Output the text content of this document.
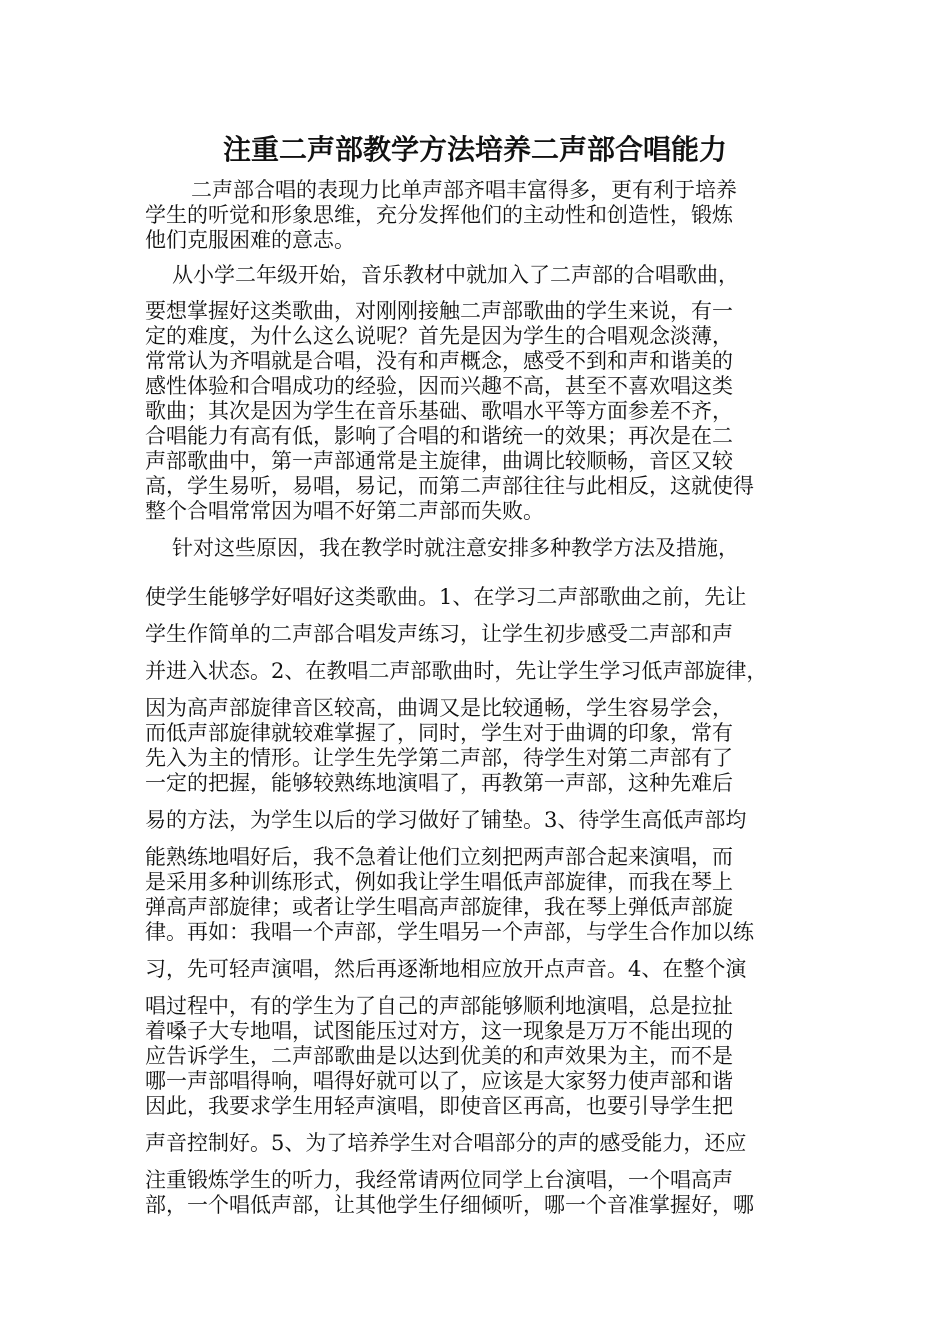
注重二声部教学方法培养二声部合唱能力

二声部合唱的表现力比单声部齐唱丰富得多，更有利于培养

学生的听觉和形象思维，充分发挥他们的主动性和创造性，锻炼

他们克服困难的意志。

从小学二年级开始，音乐教材中就加入了二声部的合唱歌曲，

要想掌握好这类歌曲，对刚刚接触二声部歌曲的学生来说，有一

定的难度，为什么这么说呢？首先是因为学生的合唱观念淡薄，

常常认为齐唱就是合唱，没有和声概念，感受不到和声和谐美的

感性体验和合唱成功的经验，因而兴趣不高，甚至不喜欢唱这类

歌曲；其次是因为学生在音乐基础、歌唱水平等方面参差不齐，

合唱能力有高有低，影响了合唱的和谐统一的效果；再次是在二

声部歌曲中，第一声部通常是主旋律，曲调比较顺畅，音区又较

高，学生易听，易唱，易记，而第二声部往往与此相反，这就使得

整个合唱常常因为唱不好第二声部而失败。

针对这些原因，我在教学时就注意安排多种教学方法及措施，

使学生能够学好唱好这类歌曲。1、在学习二声部歌曲之前，先让

学生作简单的二声部合唱发声练习，让学生初步感受二声部和声

并进入状态。2、在教唱二声部歌曲时，先让学生学习低声部旋律，

因为高声部旋律音区较高，曲调又是比较通畅，学生容易学会，

而低声部旋律就较难掌握了，同时，学生对于曲调的印象，常有

先入为主的情形。让学生先学第二声部，待学生对第二声部有了

一定的把握，能够较熟练地演唱了，再教第一声部，这种先难后

易的方法，为学生以后的学习做好了铺垫。3、待学生高低声部均

能熟练地唱好后，我不急着让他们立刻把两声部合起来演唱，而

是采用多种训练形式，例如我让学生唱低声部旋律，而我在琴上

弹高声部旋律；或者让学生唱高声部旋律，我在琴上弹低声部旋

律。再如：我唱一个声部，学生唱另一个声部，与学生合作加以练

习，先可轻声演唱，然后再逐渐地相应放开点声音。4、在整个演

唱过程中，有的学生为了自己的声部能够顺利地演唱，总是拉扯

着嗓子大专地唱，试图能压过对方，这一现象是万万不能出现的

应告诉学生，二声部歌曲是以达到优美的和声效果为主，而不是

哪一声部唱得响，唱得好就可以了，应该是大家努力使声部和谐

因此，我要求学生用轻声演唱，即使音区再高，也要引导学生把

声音控制好。5、为了培养学生对合唱部分的声的感受能力，还应

注重锻炼学生的听力，我经常请两位同学上台演唱，一个唱高声

部，一个唱低声部，让其他学生仔细倾听，哪一个音准掌握好，哪
